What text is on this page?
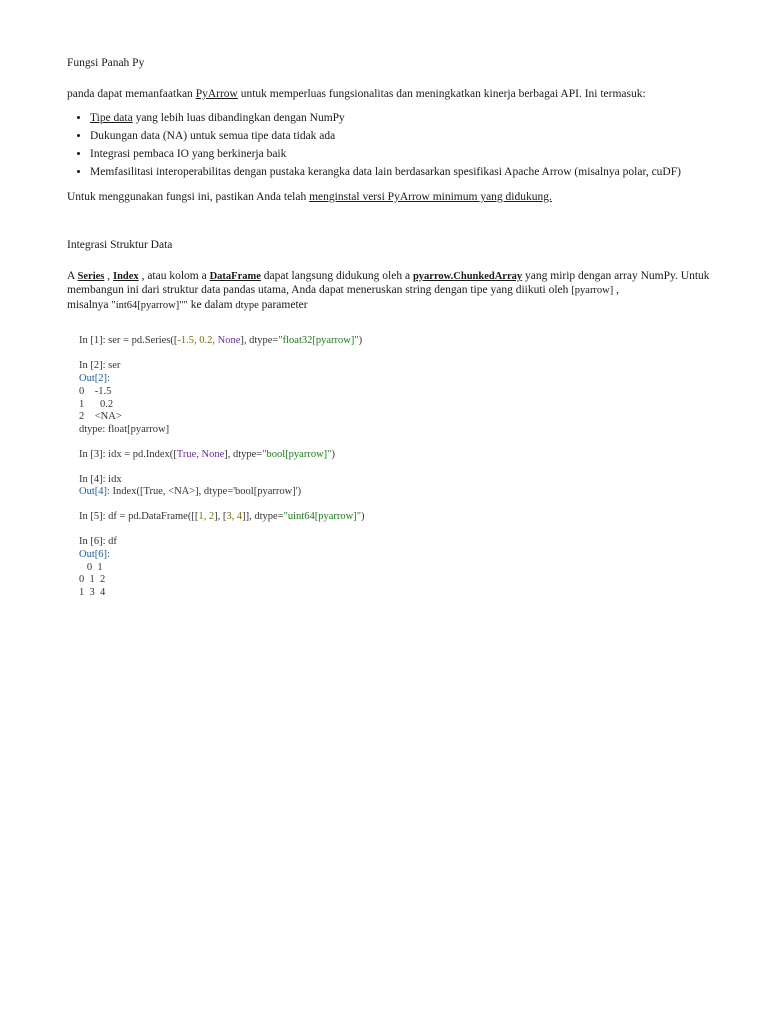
Fungsi Panah Py

panda dapat memanfaatkan PyArrow untuk memperluas fungsionalitas dan meningkatkan kinerja berbagai API. Ini termasuk:

• Tipe data yang lebih luas dibandingkan dengan NumPy
• Dukungan data (NA) untuk semua tipe data tidak ada
• Integrasi pembaca IO yang berkinerja baik
• Memfasilitasi interoperabilitas dengan pustaka kerangka data lain berdasarkan spesifikasi Apache Arrow (misalnya polar, cuDF)

Untuk menggunakan fungsi ini, pastikan Anda telah menginstal versi PyArrow minimum yang didukung.

Integrasi Struktur Data
A Series , Index , atau kolom a DataFrame dapat langsung didukung oleh a pyarrow.ChunkedArray yang mirip dengan array NumPy. Untuk
membangun ini dari struktur data pandas utama, Anda dapat meneruskan string dengan tipe yang diikuti oleh [pyarrow] ,
misalnya "int64[pyarrow]"" ke dalam dtype parameter
In [1]: ser = pd.Series([-1.5, 0.2, None], dtype="float32[pyarrow]")
In [2]: ser
Out[2]:
0    -1.5
1      0.2
2    <NA>
dtype: float[pyarrow]
In [3]: idx = pd.Index([True, None], dtype="bool[pyarrow]")
In [4]: idx
Out[4]: Index([True, <NA>], dtype='bool[pyarrow]')
In [5]: df = pd.DataFrame([[1, 2], [3, 4]], dtype="uint64[pyarrow]")
In [6]: df
Out[6]:
0  1
0  1  2
1  3  4
